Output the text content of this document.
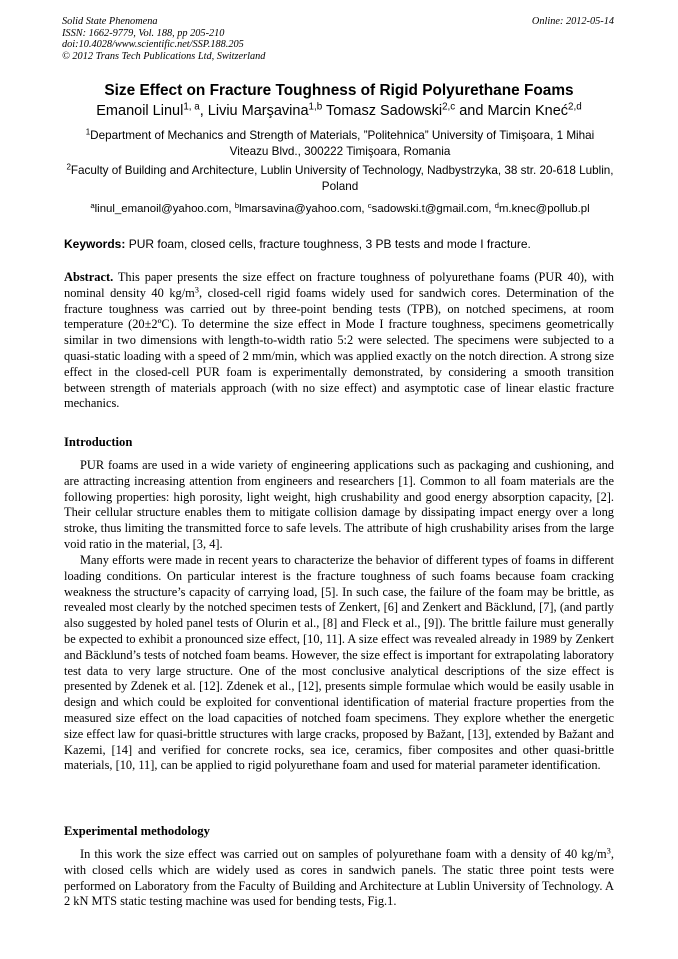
Solid State Phenomena
ISSN: 1662-9779, Vol. 188, pp 205-210
doi:10.4028/www.scientific.net/SSP.188.205
© 2012 Trans Tech Publications Ltd, Switzerland
Online: 2012-05-14
Size Effect on Fracture Toughness of Rigid Polyurethane Foams
Emanoil Linul$^{1, a}$, Liviu Marşavina$^{1,b}$ Tomasz Sadowski$^{2,c}$ and Marcin Kneć$^{2,d}$
$^1$Department of Mechanics and Strength of Materials, ”Politehnica” University of Timişoara, 1 Mihai Viteazu Blvd., 300222 Timişoara, Romania
$^2$Faculty of Building and Architecture, Lublin University of Technology, Nadbystrzyka, 38 str. 20-618 Lublin, Poland
$^a$linul_emanoil@yahoo.com, $^b$lmarsavina@yahoo.com, $^c$sadowski.t@gmail.com, $^d$m.knec@pollub.pl
Keywords: PUR foam, closed cells, fracture toughness, 3 PB tests and mode I fracture.
Abstract. This paper presents the size effect on fracture toughness of polyurethane foams (PUR 40), with nominal density 40 $kg/m^3$, closed-cell rigid foams widely used for sandwich cores. Determination of the fracture toughness was carried out by three-point bending tests (TPB), on notched specimens, at room temperature (20±2ºC). To determine the size effect in Mode I fracture toughness, specimens geometrically similar in two dimensions with length-to-width ratio 5:2 were selected. The specimens were subjected to a quasi-static loading with a speed of 2 mm/min, which was applied exactly on the notch direction. A strong size effect in the closed-cell PUR foam is experimentally demonstrated, by considering a smooth transition between strength of materials approach (with no size effect) and asymptotic case of linear elastic fracture mechanics.
Introduction
PUR foams are used in a wide variety of engineering applications such as packaging and cushioning, and are attracting increasing attention from engineers and researchers [1]. Common to all foam materials are the following properties: high porosity, light weight, high crushability and good energy absorption capacity, [2]. Their cellular structure enables them to mitigate collision damage by dissipating impact energy over a long stroke, thus limiting the transmitted force to safe levels. The attribute of high crushability arises from the large void ratio in the material, [3, 4].
Many efforts were made in recent years to characterize the behavior of different types of foams in different loading conditions. On particular interest is the fracture toughness of such foams because foam cracking weakness the structure’s capacity of carrying load, [5]. In such case, the failure of the foam may be brittle, as revealed most clearly by the notched specimen tests of Zenkert, [6] and Zenkert and Bäcklund, [7], (and partly also suggested by holed panel tests of Olurin et al., [8] and Fleck et al., [9]). The brittle failure must generally be expected to exhibit a pronounced size effect, [10, 11]. A size effect was revealed already in 1989 by Zenkert and Bäcklund’s tests of notched foam beams. However, the size effect is important for extrapolating laboratory test data to very large structure. One of the most conclusive analytical descriptions of the size effect is presented by Zdenek et al. [12]. Zdenek et al., [12], presents simple formulae which would be easily usable in design and which could be exploited for conventional identification of material fracture properties from the measured size effect on the load capacities of notched foam specimens. They explore whether the energetic size effect law for quasi-brittle structures with large cracks, proposed by Bažant, [13], extended by Bažant and Kazemi, [14] and verified for concrete rocks, sea ice, ceramics, fiber composites and other quasi-brittle materials, [10, 11], can be applied to rigid polyurethane foam and used for material parameter identification.
Experimental methodology
In this work the size effect was carried out on samples of polyurethane foam with a density of 40 $kg/m^3$, with closed cells which are widely used as cores in sandwich panels. The static three point tests were performed on Laboratory from the Faculty of Building and Architecture at Lublin University of Technology. A 2 kN MTS static testing machine was used for bending tests, Fig.1.
